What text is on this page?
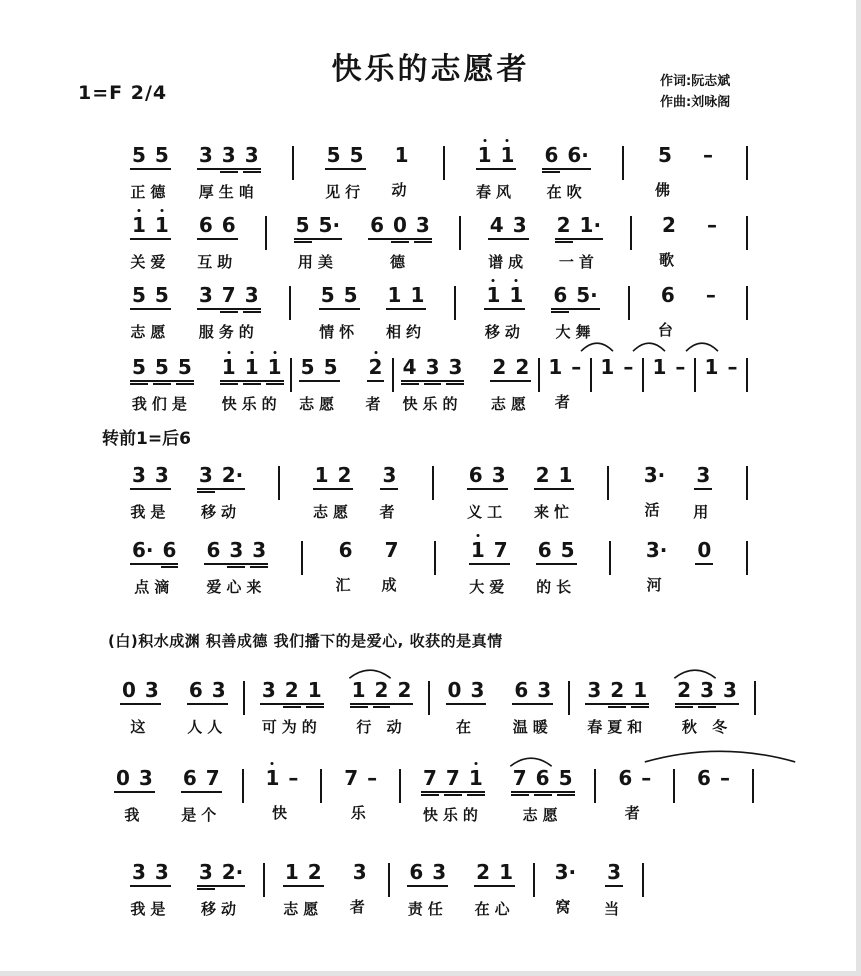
快乐的志愿者
1=F 2/4
作词:阮志斌
作曲:刘咏阁
5 5
正德
3 3 3
厚生咱
5 5
见行
1
动
1 1
春风
6 6·
在吹
5
佛
–
1 1
关爱
6 6
互助
5 5·
用美
6 0 3
德
4 3
谱成
2 1·
一首
2
歌
–
5 5
志愿
3 7 3
服务的
5 5
情怀
1 1
相约
1 1
移动
6 5·
大舞
6
台
–
5 5 5
我们是
1 1 1
快乐的
5 5
志愿
2
者
4 3 3
快乐的
2 2
志愿
1 –
者
1 – 1 – 1 –
3 3
我是
3 2·
移动
1 2
志愿
3
者
6 3
义工
2 1
来忙
3·
活
3
用
6· 6
点滴
6 3 3
爱心来
6
汇
7
成
1 7
大爱
6 5
的长
3·
河
0
0 3
这
6 3
人人
3 2 1
可为的
1 2 2
行 动
0 3
在
6 3
温暖
3 2 1
春夏和
2 3 3
秋 冬
0 3
我
6 7
是个
1 –
快
7 –
乐
7 7 1
快乐的
7 6 5
志愿
6 –
者
6 –
3 3
我是
3 2·
移动
1 2
志愿
3
者
6 3
责任
2 1
在心
3·
窝
3
当
转前1=后6
(白)积水成渊 积善成德 我们播下的是爱心, 收获的是真情
